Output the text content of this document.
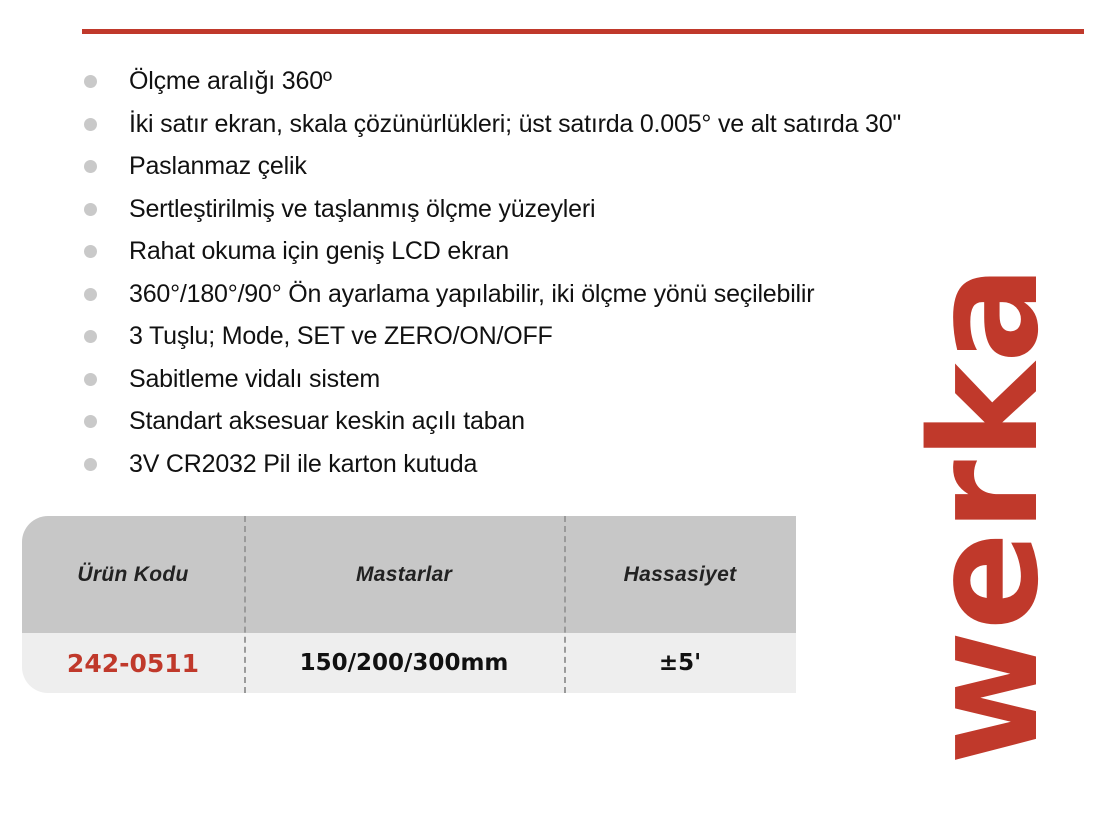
Ölçme aralığı 360º
İki satır ekran, skala çözünürlükleri; üst satırda 0.005° ve alt satırda 30"
Paslanmaz çelik
Sertleştirilmiş ve taşlanmış ölçme yüzeyleri
Rahat okuma için geniş LCD ekran
360°/180°/90° Ön ayarlama yapılabilir, iki ölçme yönü seçilebilir
3 Tuşlu; Mode, SET ve ZERO/ON/OFF
Sabitleme vidalı sistem
Standart aksesuar keskin açılı taban
3V CR2032 Pil ile karton kutuda	werka
Ürün Kodu	Mastarlar	Hassasiyet
242-0511	150/200/300mm	±5'
